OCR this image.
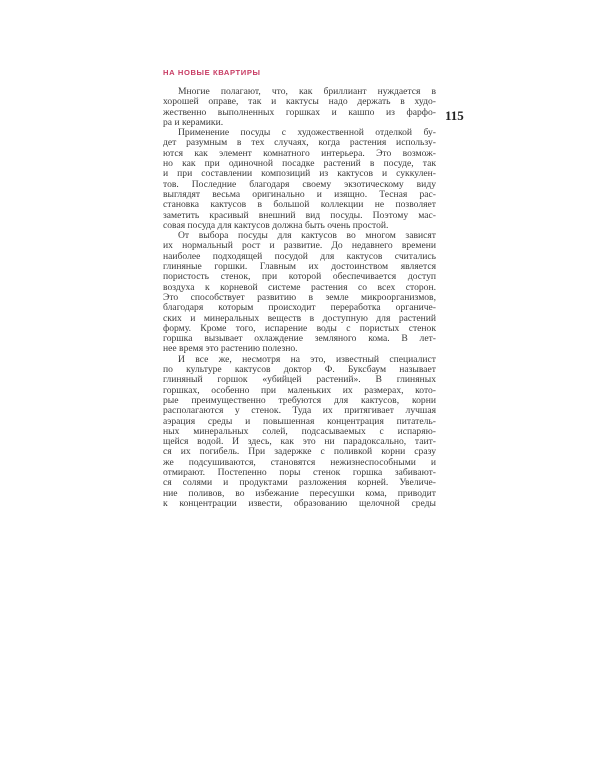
НА НОВЫЕ КВАРТИРЫ
115
Многие полагают, что, как бриллиант нуждается в
хорошей оправе, так и кактусы надо держать в худо-
жественно выполненных горшках и кашпо из фарфо-
ра и керамики.
Применение посуды с художественной отделкой бу-
дет разумным в тех случаях, когда растения использу-
ются как элемент комнатного интерьера. Это возмож-
но как при одиночной посадке растений в посуде, так
и при составлении композиций из кактусов и суккулен-
тов. Последние благодаря своему экзотическому виду
выглядят весьма оригинально и изящно. Тесная рас-
становка кактусов в большой коллекции не позволяет
заметить красивый внешний вид посуды. Поэтому мас-
совая посуда для кактусов должна быть очень простой.
От выбора посуды для кактусов во многом зависят
их нормальный рост и развитие. До недавнего времени
наиболее подходящей посудой для кактусов считались
глиняные горшки. Главным их достоинством является
пористость стенок, при которой обеспечивается доступ
воздуха к корневой системе растения со всех сторон.
Это способствует развитию в земле микроорганизмов,
благодаря которым происходит переработка органиче-
ских и минеральных веществ в доступную для растений
форму. Кроме того, испарение воды с пористых стенок
горшка вызывает охлаждение земляного кома. В лет-
нее время это растению полезно.
И все же, несмотря на это, известный специалист
по культуре кактусов доктор Ф. Буксбаум называет
глиняный горшок «убийцей растений». В глиняных
горшках, особенно при маленьких их размерах, кото-
рые преимущественно требуются для кактусов, корни
располагаются у стенок. Туда их притягивает лучшая
аэрация среды и повышенная концентрация питатель-
ных минеральных солей, подсасываемых с испаряю-
щейся водой. И здесь, как это ни парадоксально, таит-
ся их погибель. При задержке с поливкой корни сразу
же подсушиваются, становятся нежизнеспособными и
отмирают. Постепенно поры стенок горшка забивают-
ся солями и продуктами разложения корней. Увеличе-
ние поливов, во избежание пересушки кома, приводит
к концентрации извести, образованию щелочной среды
